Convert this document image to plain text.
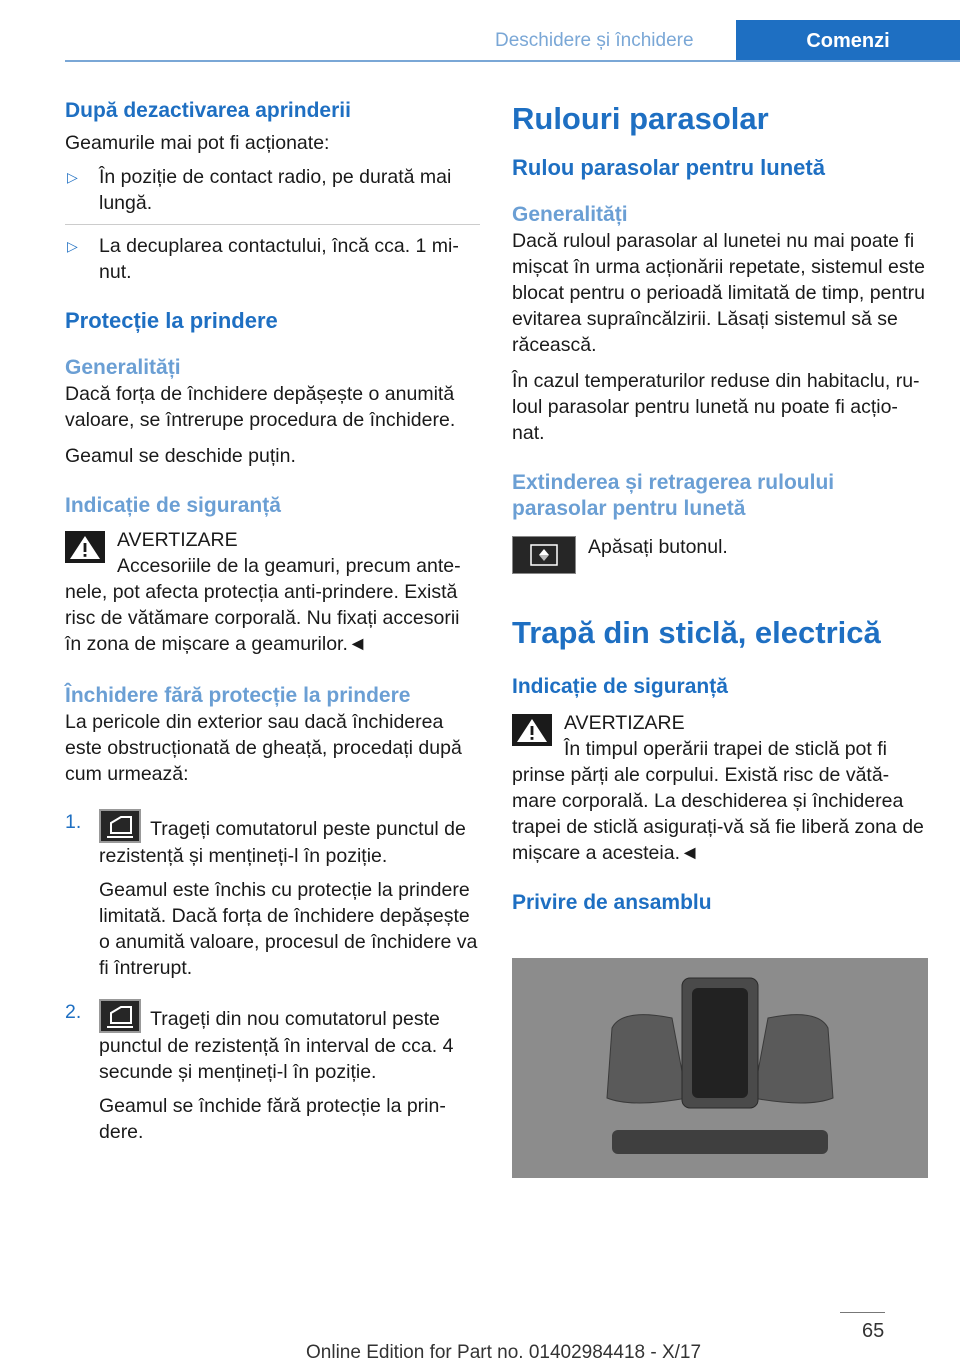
Deschidere și închidere	Comenzi
După dezactivarea aprinderii

Geamurile mai pot fi acționate:

▷ În poziție de contact radio, pe durată mai lungă.
▷ La decuplarea contactului, încă cca. 1 mi-nut.
Protecție la prindere
Generalități

Dacă forța de închidere depășește o anumită valoare, se întrerupe procedura de închidere.

Geamul se deschide puțin.

Indicație de siguranță

AVERTIZARE

Accesoriile de la geamuri, precum ante-

nele, pot afecta protecția anti-prindere. Există risc de vătămare corporală. Nu fixați accesorii în zona de mișcare a geamurilor.◄

Închidere fără protecție la prindere

La pericole din exterior sau dacă închiderea este obstrucționată de gheață, procedați după cum urmează:

1.	Trageți comutatorul peste punctul de rezistență și mențineți-l în poziție.

Geamul este închis cu protecție la prindere limitată. Dacă forța de închidere depășește o anumită valoare, procesul de închidere va fi întrerupt.

2.	Trageți din nou comutatorul peste punctul de rezistență în interval de cca. 4 secunde și mențineți-l în poziție.

Geamul se închide fără protecție la prin-dere.

Rulouri parasolar
Rulou parasolar pentru lunetă
Generalități

Dacă ruloul parasolar al lunetei nu mai poate fi mișcat în urma acționării repetate, sistemul este blocat pentru o perioadă limitată de timp, pentru evitarea supraîncălzirii. Lăsați sistemul să se răcească.

În cazul temperaturilor reduse din habitaclu, ru-loul parasolar pentru lunetă nu poate fi acțio-nat.

Extinderea și retragerea ruloului parasolar pentru lunetă

Apăsați butonul.

Trapă din sticlă, electrică
Indicație de siguranță

AVERTIZARE

În timpul operării trapei de sticlă pot fi

prinse părți ale corpului. Există risc de vătă-mare corporală. La deschiderea și închiderea trapei de sticlă asigurați-vă să fie liberă zona de mișcare a acesteia.◄

Privire de ansamblu
65
Online Edition for Part no. 01402984418 - X/17
